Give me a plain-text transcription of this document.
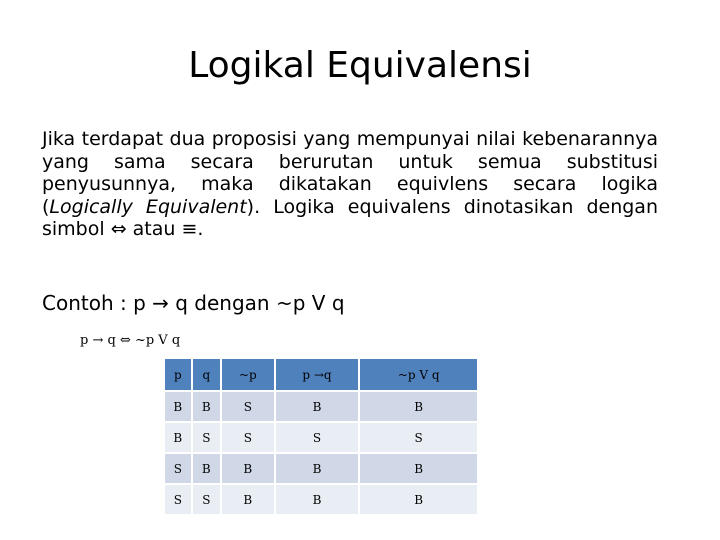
Logikal Equivalensi
Jika terdapat dua proposisi yang mempunyai nilai kebenarannya yang sama secara berurutan untuk semua substitusi penyusunnya, maka dikatakan equivlens secara logika (Logically Equivalent). Logika equivalens dinotasikan dengan simbol ⇔ atau ≡.
Contoh : p → q dengan ~p V q
p → q ⇔ ~p V q
p	q	~p	p →q	~p V q
B	B	S	B	B
B	S	S	S	S
S	B	B	B	B
S	S	B	B	B
